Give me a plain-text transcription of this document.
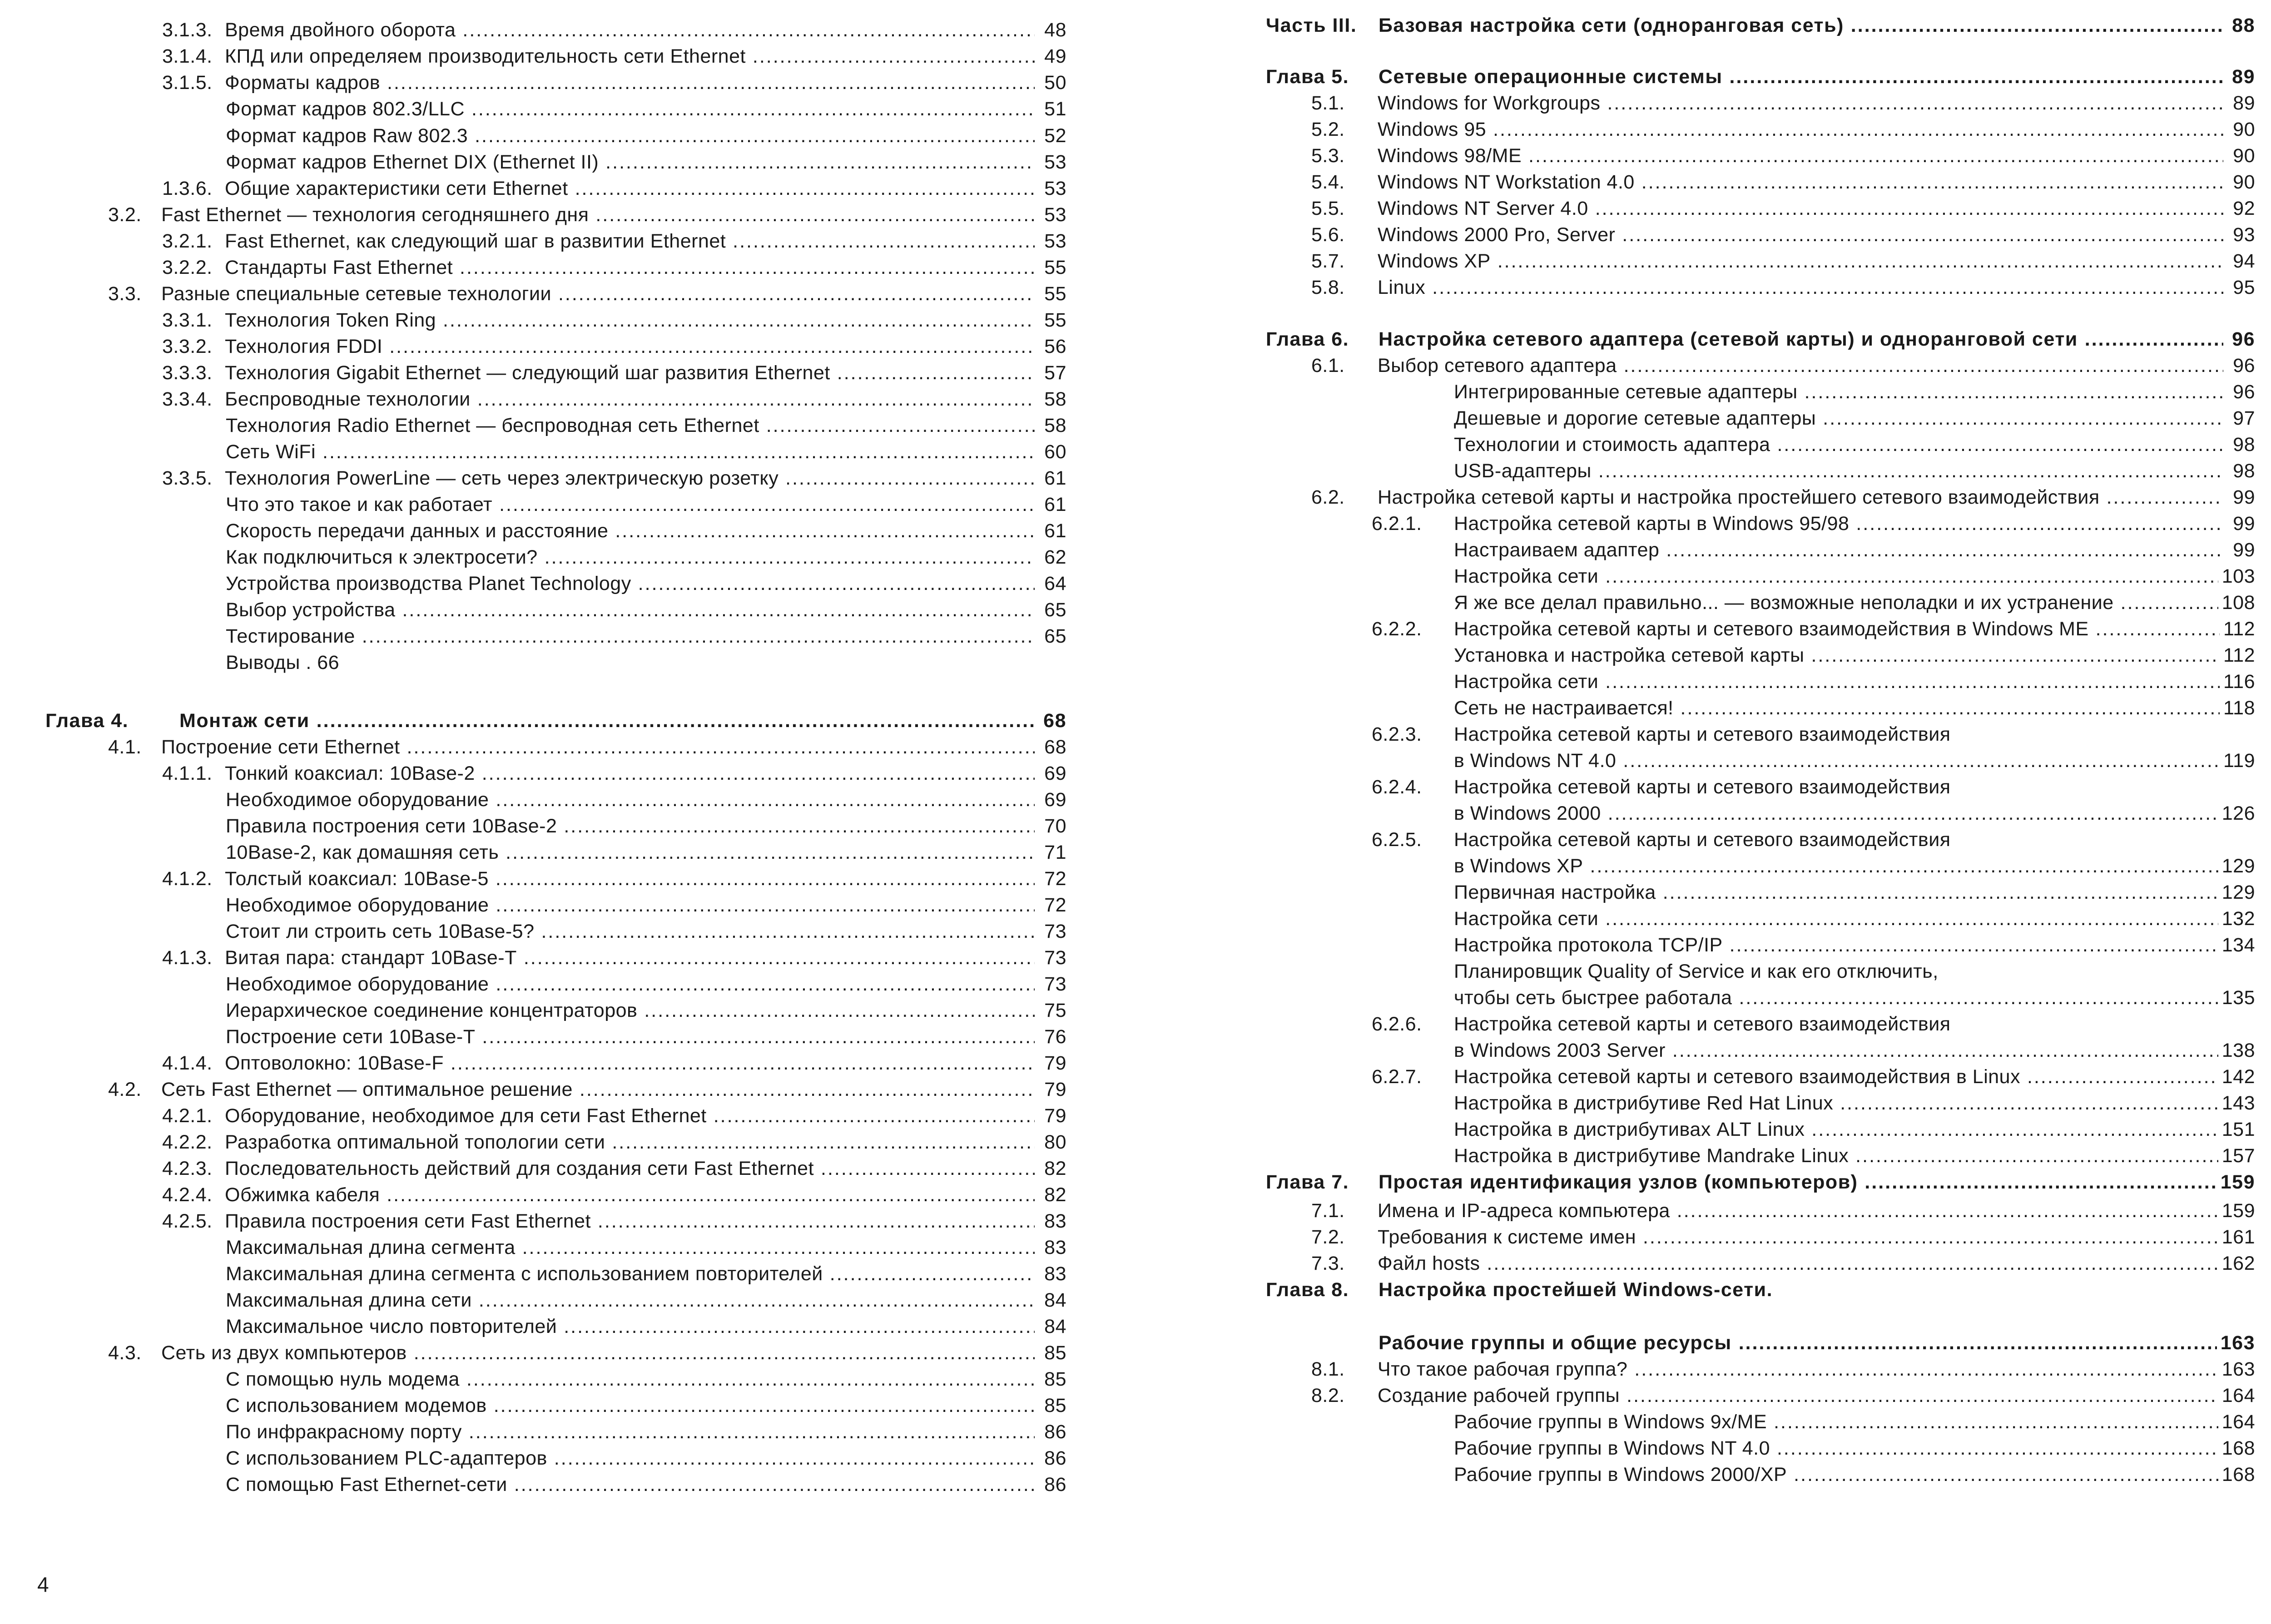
3.1.3. Время двойного оборота .....	48
3.1.4. КПД или определяем производительность сети Ethernet .....	49
3.1.5. Форматы кадров .....	50
Формат кадров 802.3/LLC .....	51
Формат кадров Raw 802.3 .....	52
Формат кадров Ethernet DIX (Ethernet II) .....	53
1.3.6. Общие характеристики сети Ethernet .....	53
3.2. Fast Ethernet — технология сегодняшнего дня .....	53
3.2.1. Fast Ethernet, как следующий шаг в развитии Ethernet .....	53
3.2.2. Стандарты Fast Ethernet .....	55
3.3. Разные специальные сетевые технологии .....	55
3.3.1. Технология Token Ring .....	55
3.3.2. Технология FDDI .....	56
3.3.3. Технология Gigabit Ethernet — следующий шаг развития Ethernet .....	57
3.3.4. Беспроводные технологии .....	58
Технология Radio Ethernet — беспроводная сеть Ethernet .....	58
Сеть WiFi .....	60
3.3.5. Технология PowerLine — сеть через электрическую розетку .....	61
Что это такое и как работает .....	61
Скорость передачи данных и расстояние .....	61
Как подключиться к электросети? .....	62
Устройства производства Planet Technology .....	64
Выбор устройства .....	65
Тестирование .....	65
Выводы . 66
Глава 4.	Монтаж сети .....	68
4.1. Построение сети Ethernet .....	68
4.1.1. Тонкий коаксиал: 10Base-2 .....	69
Необходимое оборудование .....	69
Правила построения сети 10Base-2 .....	70
10Base-2, как домашняя сеть .....	71
4.1.2. Толстый коаксиал: 10Base-5 .....	72
Необходимое оборудование .....	72
Стоит ли строить сеть 10Base-5? .....	73
4.1.3. Витая пара: стандарт 10Base-T .....	73
Необходимое оборудование .....	73
Иерархическое соединение концентраторов .....	75
Построение сети 10Base-T .....	76
4.1.4. Оптоволокно: 10Base-F .....	79
4.2. Сеть Fast Ethernet — оптимальное решение .....	79
4.2.1. Оборудование, необходимое для сети Fast Ethernet .....	79
4.2.2. Разработка оптимальной топологии сети .....	80
4.2.3. Последовательность действий для создания сети Fast Ethernet .....	82
4.2.4. Обжимка кабеля .....	82
4.2.5. Правила построения сети Fast Ethernet .....	83
Максимальная длина сегмента .....	83
Максимальная длина сегмента с использованием повторителей .....	83
Максимальная длина сети .....	84
Максимальное число повторителей .....	84
4.3. Сеть из двух компьютеров .....	85
С помощью нуль модема .....	85
С использованием модемов .....	85
По инфракрасному порту .....	86
С использованием PLC-адаптеров .....	86
С помощью Fast Ethernet-сети .....	86
Часть III. Базовая настройка сети (одноранговая сеть) .....	88
Глава 5. Сетевые операционные системы .....	89
5.1. Windows for Workgroups .....	89
5.2. Windows 95 .....	90
5.3. Windows 98/ME .....	90
5.4. Windows NT Workstation 4.0 .....	90
5.5. Windows NT Server 4.0 .....	92
5.6. Windows 2000 Pro, Server .....	93
5.7. Windows XP .....	94
5.8. Linux .....	95
Глава 6. Настройка сетевого адаптера (сетевой карты) и одноранговой сети .....	96
6.1. Выбор сетевого адаптера .....	96
Интегрированные сетевые адаптеры .....	96
Дешевые и дорогие сетевые адаптеры .....	97
Технологии и стоимость адаптера .....	98
USB-адаптеры .....	98
6.2. Настройка сетевой карты и настройка простейшего сетевого взаимодействия .....	99
6.2.1. Настройка сетевой карты в Windows 95/98 .....	99
Настраиваем адаптер .....	99
Настройка сети .....	103
Я же все делал правильно... — возможные неполадки и их устранение .....	108
6.2.2. Настройка сетевой карты и сетевого взаимодействия в Windows ME .....	112
Установка и настройка сетевой карты .....	112
Настройка сети .....	116
Сеть не настраивается! .....	118
6.2.3. Настройка сетевой карты и сетевого взаимодействия
в Windows NT 4.0 .....	119
6.2.4. Настройка сетевой карты и сетевого взаимодействия
в Windows 2000 .....	126
6.2.5. Настройка сетевой карты и сетевого взаимодействия
в Windows XP .....	129
Первичная настройка .....	129
Настройка сети .....	132
Настройка протокола TCP/IP .....	134
Планировщик Quality of Service и как его отключить,
чтобы сеть быстрее работала .....	135
6.2.6. Настройка сетевой карты и сетевого взаимодействия
в Windows 2003 Server .....	138
6.2.7. Настройка сетевой карты и сетевого взаимодействия в Linux .....	142
Настройка в дистрибутиве Red Hat Linux .....	143
Настройка в дистрибутивах ALT Linux .....	151
Настройка в дистрибутиве Mandrake Linux .....	157
Глава 7. Простая идентификация узлов (компьютеров) .....	159
7.1. Имена и IP-адреса компьютера .....	159
7.2. Требования к системе имен .....	161
7.3. Файл hosts .....	162
Глава 8. Настройка простейшей Windows-сети.
Рабочие группы и общие ресурсы .....	163
8.1. Что такое рабочая группа? .....	163
8.2. Создание рабочей группы .....	164
Рабочие группы в Windows 9x/ME .....	164
Рабочие группы в Windows NT 4.0 .....	168
Рабочие группы в Windows 2000/XP .....	168
4
